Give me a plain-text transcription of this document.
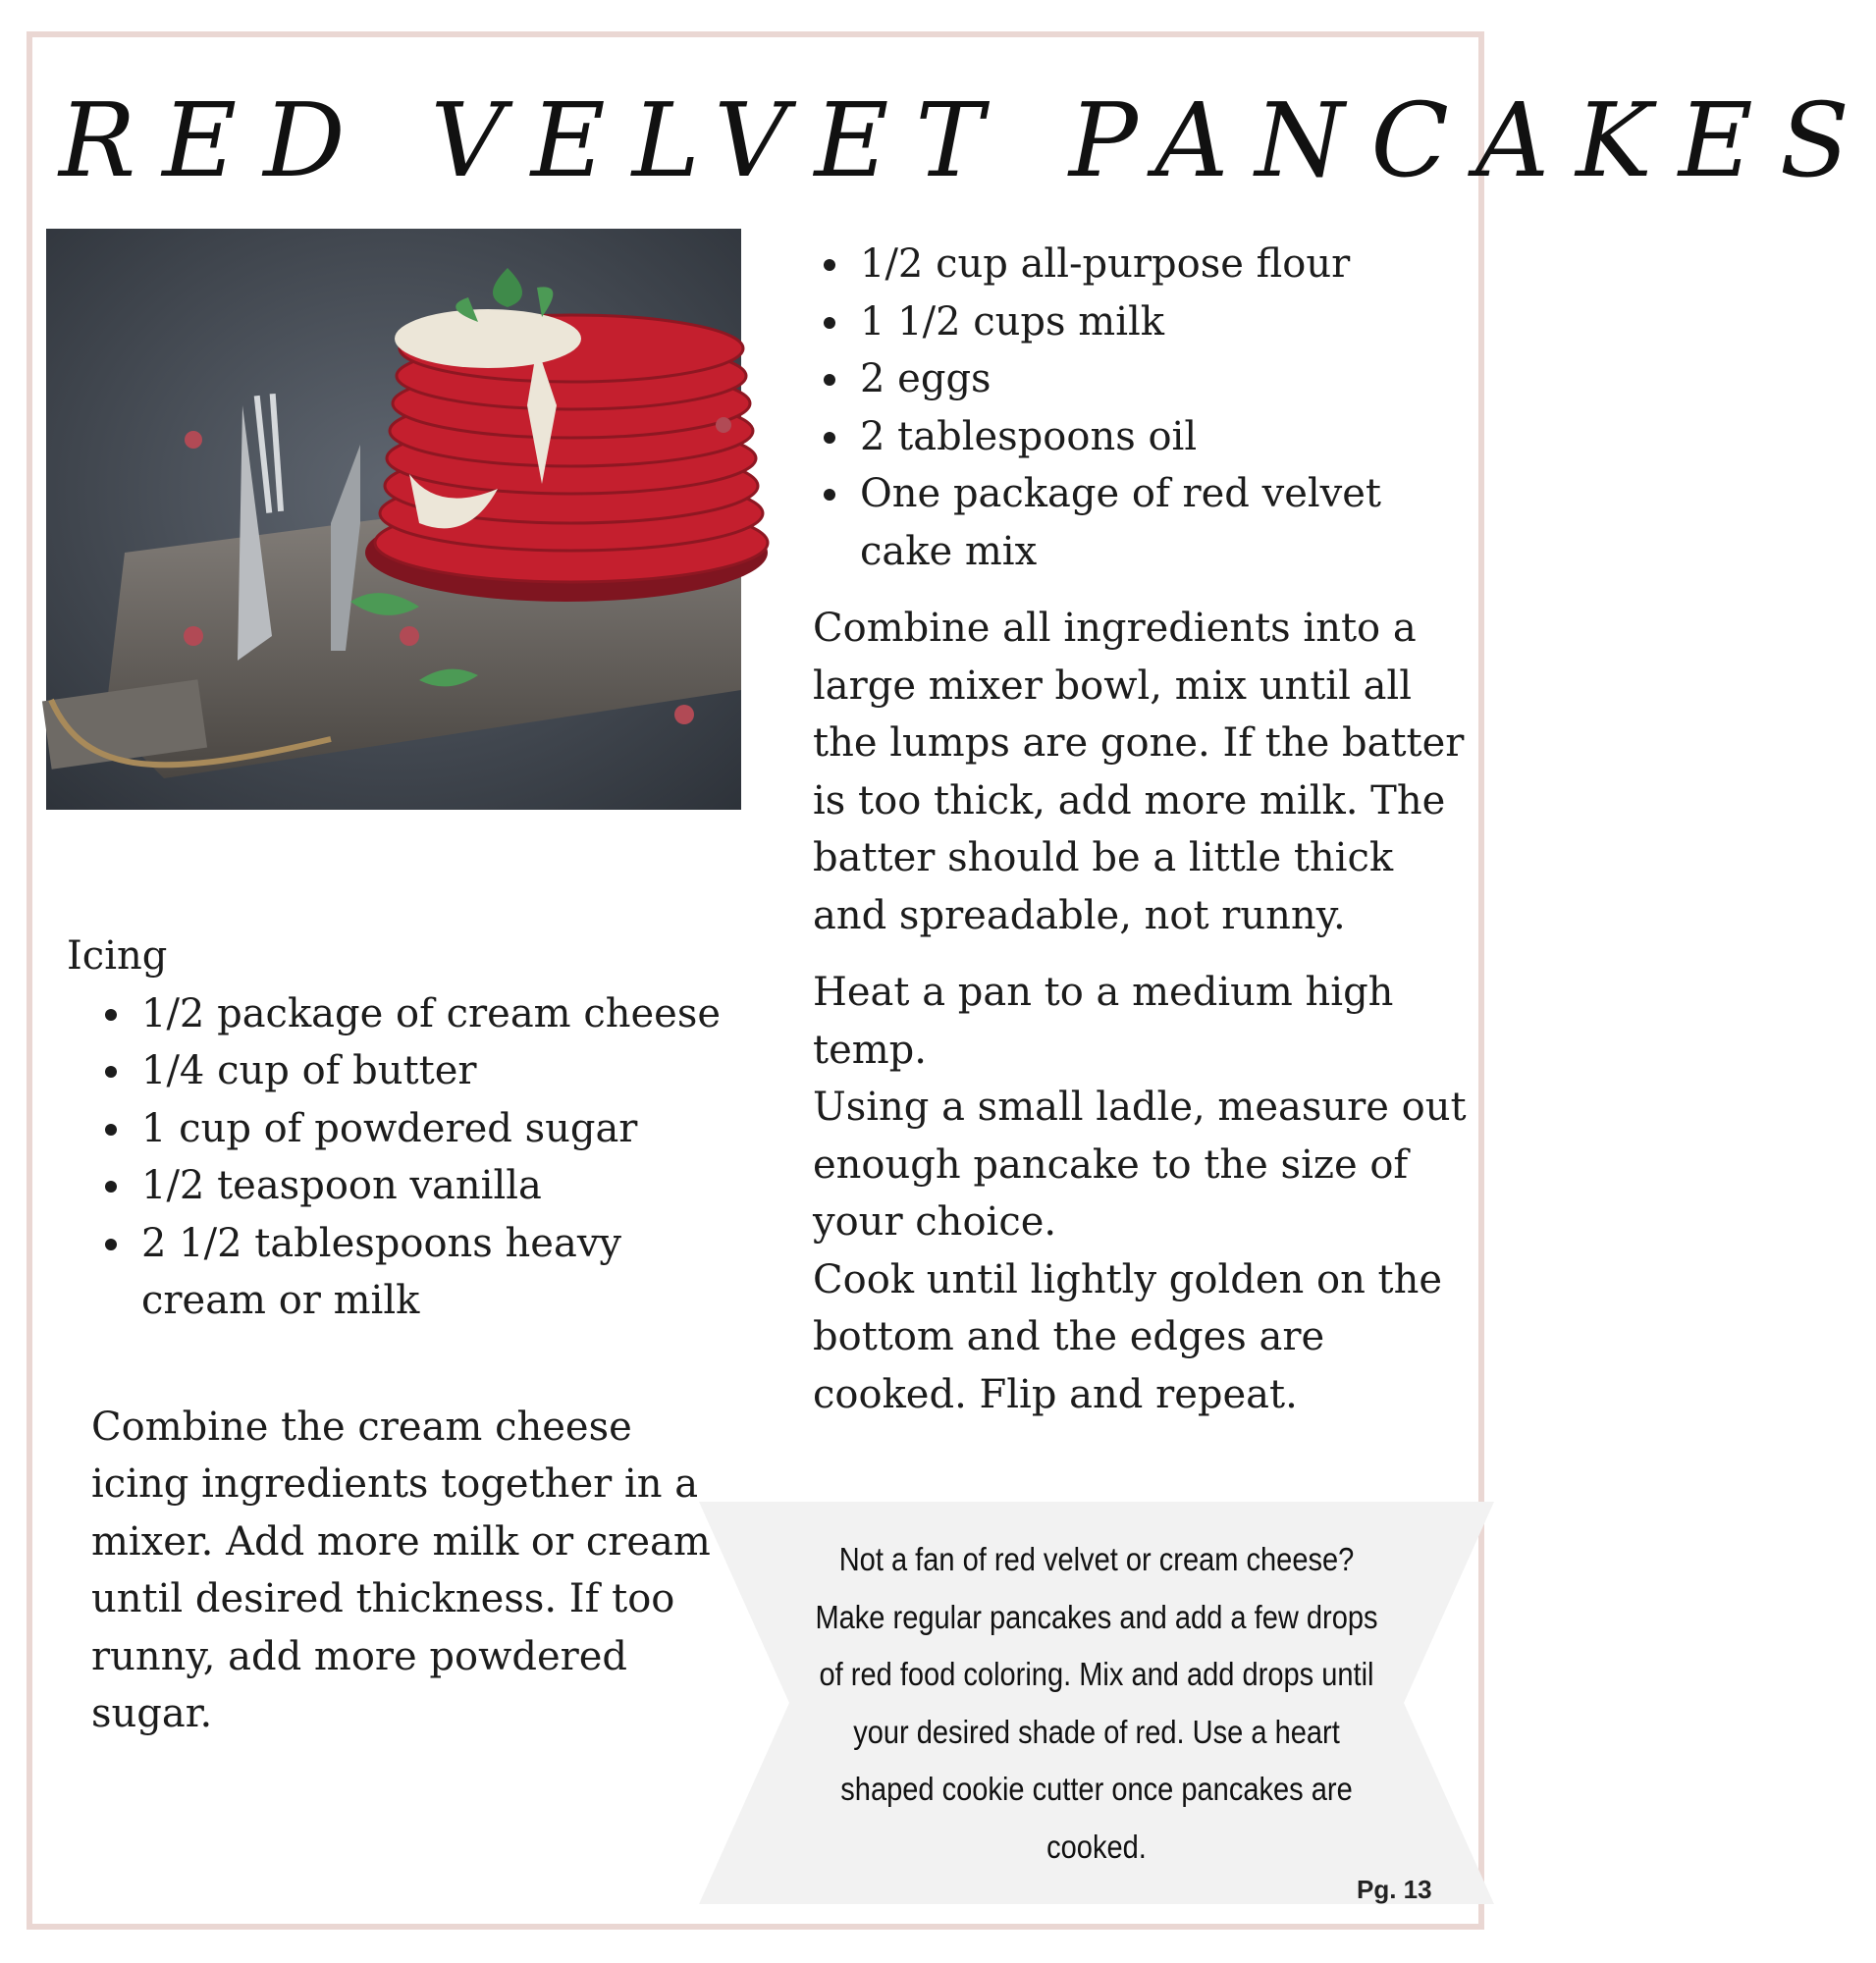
RED VELVET PANCAKES
• 1/2 cup all-purpose flour
• 1 1/2 cups milk
• 2 eggs
• 2 tablespoons oil
• One package of red velvet cake mix

Combine all ingredients into a large mixer bowl, mix until all the lumps are gone. If the batter is too thick, add more milk. The batter should be a little thick and spreadable, not runny.

Heat a pan to a medium high temp.

Using a small ladle, measure out enough pancake to the size of your choice.

Cook until lightly golden on the bottom and the edges are cooked. Flip and repeat.

Icing
• 1/2 package of cream cheese
• 1/4 cup of butter
• 1 cup of powdered sugar
• 1/2 teaspoon vanilla
• 2 1/2 tablespoons heavy cream or milk

Combine the cream cheese icing ingredients together in a mixer. Add more milk or cream until desired thickness. If too runny, add more powdered sugar.

Not a fan of red velvet or cream cheese? Make regular pancakes and add a few drops of red food coloring. Mix and add drops until your desired shade of red. Use a heart shaped cookie cutter once pancakes are cooked.
Pg. 13
